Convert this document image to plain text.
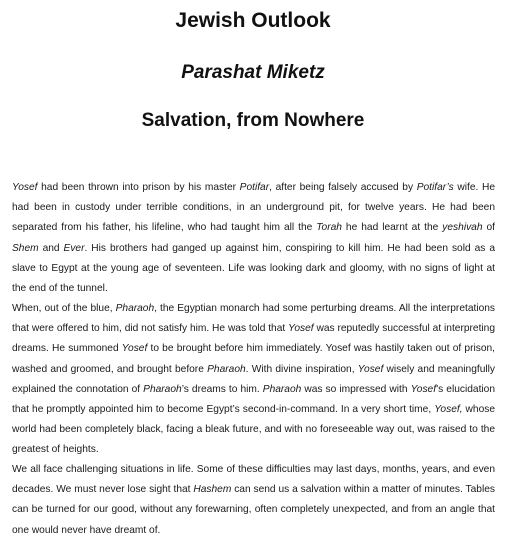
Jewish Outlook
Parashat Miketz
Salvation, from Nowhere

Yosef had been thrown into prison by his master Potifar, after being falsely accused by Potifar’s wife. He had been in custody under terrible conditions, in an underground pit, for twelve years. He had been separated from his father, his lifeline, who had taught him all the Torah he had learnt at the yeshivah of Shem and Ever. His brothers had ganged up against him, conspiring to kill him. He had been sold as a slave to Egypt at the young age of seventeen. Life was looking dark and gloomy, with no signs of light at the end of the tunnel.

When, out of the blue, Pharaoh, the Egyptian monarch had some perturbing dreams. All the interpretations that were offered to him, did not satisfy him. He was told that Yosef was reputedly successful at interpreting dreams. He summoned Yosef to be brought before him immediately. Yosef was hastily taken out of prison, washed and groomed, and brought before Pharaoh. With divine inspiration, Yosef wisely and meaningfully explained the connotation of Pharaoh’s dreams to him. Pharaoh was so impressed with Yosef’s elucidation that he promptly appointed him to become Egypt’s second-in-command. In a very short time, Yosef, whose world had been completely black, facing a bleak future, and with no foreseeable way out, was raised to the greatest of heights.

We all face challenging situations in life. Some of these difficulties may last days, months, years, and even decades. We must never lose sight that Hashem can send us a salvation within a matter of minutes. Tables can be turned for our good, without any forewarning, often completely unexpected, and from an angle that one would never have dreamt of.
